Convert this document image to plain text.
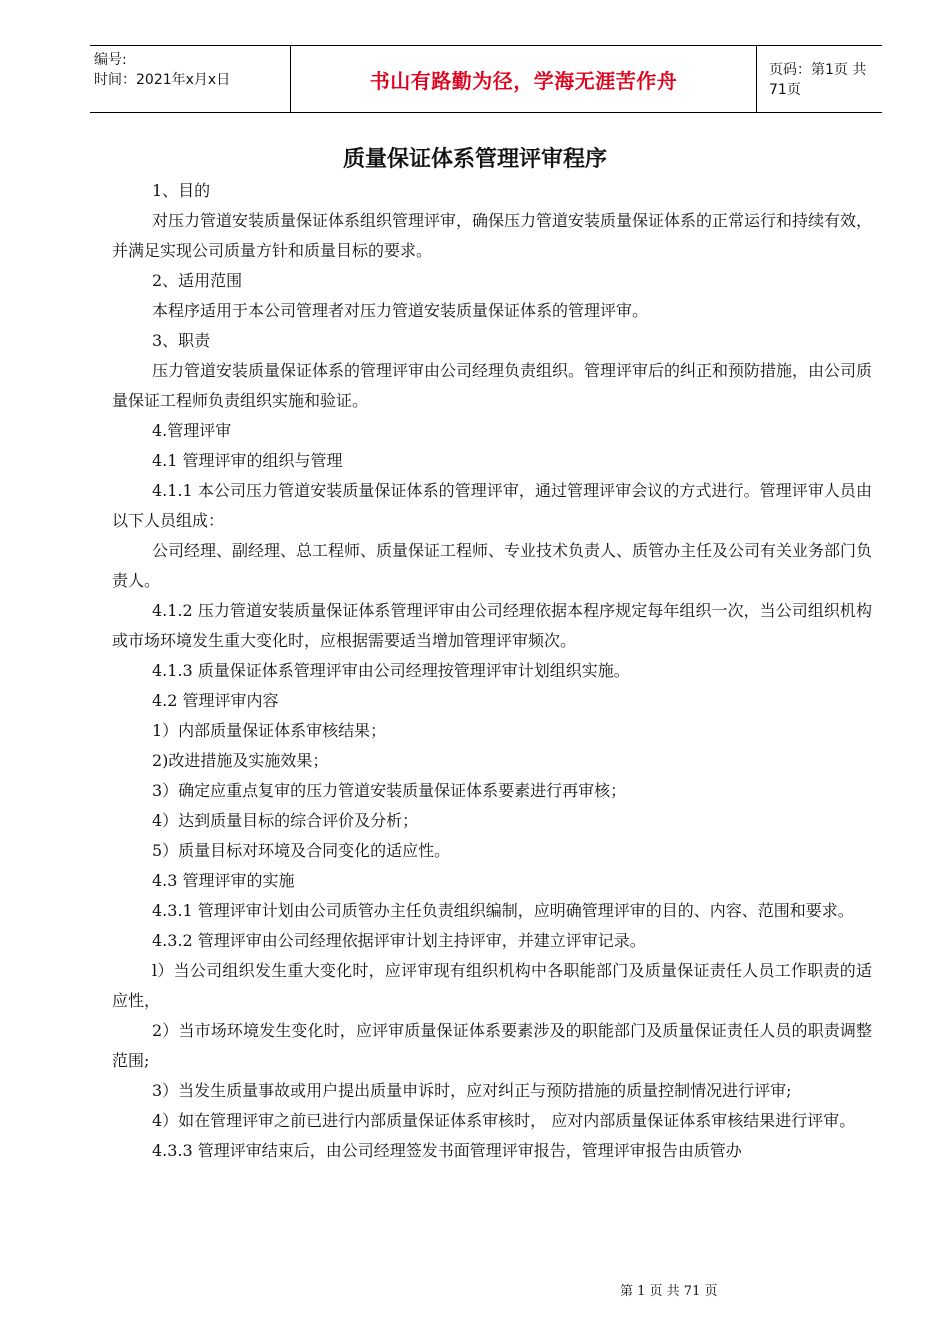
编号:
时间：2021年x月x日	书山有路勤为径，学海无涯苦作舟	页码：第1页 共71页
质量保证体系管理评审程序

1、目的

对压力管道安装质量保证体系组织管理评审，确保压力管道安装质量保证体系的正常运行和持续有效，并满足实现公司质量方针和质量目标的要求。

2、适用范围

本程序适用于本公司管理者对压力管道安装质量保证体系的管理评审。

3、职责

压力管道安装质量保证体系的管理评审由公司经理负责组织。管理评审后的纠正和预防措施，由公司质量保证工程师负责组织实施和验证。

4.管理评审

4.1 管理评审的组织与管理

4.1.1 本公司压力管道安装质量保证体系的管理评审，通过管理评审会议的方式进行。管理评审人员由以下人员组成：

公司经理、副经理、总工程师、质量保证工程师、专业技术负责人、质管办主任及公司有关业务部门负责人。

4.1.2 压力管道安装质量保证体系管理评审由公司经理依据本程序规定每年组织一次，当公司组织机构或市场环境发生重大变化时，应根据需要适当增加管理评审频次。

4.1.3 质量保证体系管理评审由公司经理按管理评审计划组织实施。

4.2 管理评审内容

1）内部质量保证体系审核结果；

2)改进措施及实施效果；

3）确定应重点复审的压力管道安装质量保证体系要素进行再审核；

4）达到质量目标的综合评价及分析；

5）质量目标对环境及合同变化的适应性。

4.3 管理评审的实施

4.3.1 管理评审计划由公司质管办主任负责组织编制，应明确管理评审的目的、内容、范围和要求。

4.3.2 管理评审由公司经理依据评审计划主持评审，并建立评审记录。

l）当公司组织发生重大变化时，应评审现有组织机构中各职能部门及质量保证责任人员工作职责的适应性，

2）当市场环境发生变化时，应评审质量保证体系要素涉及的职能部门及质量保证责任人员的职责调整范围;

3）当发生质量事故或用户提出质量申诉时，应对纠正与预防措施的质量控制情况进行评审;

4）如在管理评审之前已进行内部质量保证体系审核时， 应对内部质量保证体系审核结果进行评审。

4.3.3 管理评审结束后，由公司经理签发书面管理评审报告，管理评审报告由质管办

第 1 页 共 71 页
